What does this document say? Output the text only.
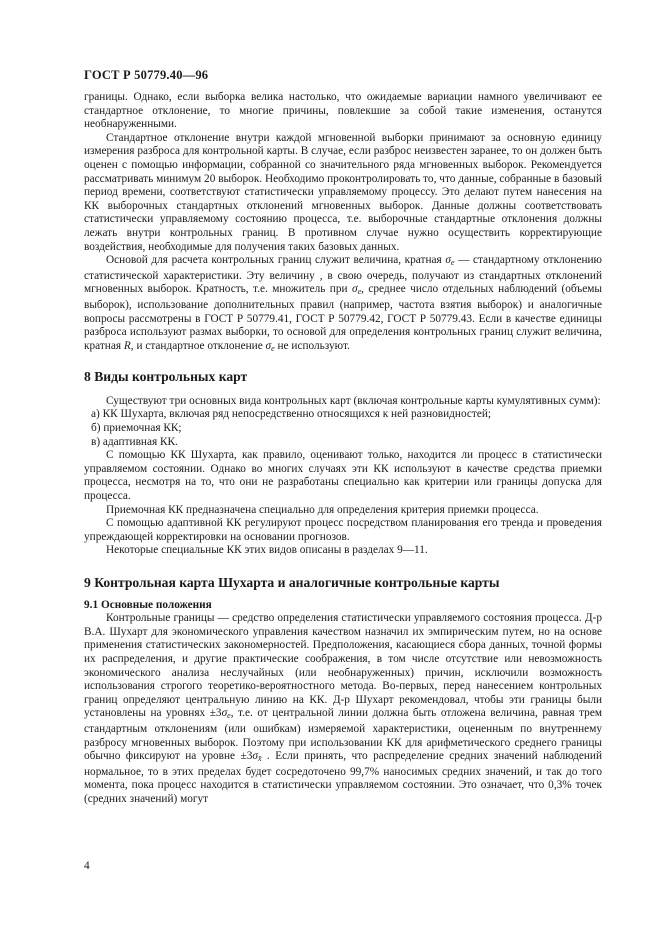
ГОСТ Р 50779.40—96

границы. Однако, если выборка велика настолько, что ожидаемые вариации намного увеличивают ее стандартное отклонение, то многие причины, повлекшие за собой такие изменения, останутся необнаруженными.

Стандартное отклонение внутри каждой мгновенной выборки принимают за основную единицу измерения разброса для контрольной карты. В случае, если разброс неизвестен заранее, то он должен быть оценен с помощью информации, собранной со значительного ряда мгновенных выборок. Рекомендуется рассматривать минимум 20 выборок. Необходимо проконтролировать то, что данные, собранные в базовый период времени, соответствуют статистически управляемому процессу. Это делают путем нанесения на КК выборочных стандартных отклонений мгновенных выборок. Данные должны соответствовать статистически управляемому состоянию процесса, т.е. выборочные стандартные отклонения должны лежать внутри контрольных границ. В противном случае нужно осуществить корректирующие воздействия, необходимые для получения таких базовых данных.

Основой для расчета контрольных границ служит величина, кратная $\sigma_e$ — стандартному отклонению статистической характеристики. Эту величину , в свою очередь, получают из стандартных отклонений мгновенных выборок. Кратность, т.е. множитель при $\sigma_e$, среднее число отдельных наблюдений (объемы выборок), использование дополнительных правил (например, частота взятия выборок) и аналогичные вопросы рассмотрены в ГОСТ Р 50779.41, ГОСТ Р 50779.42, ГОСТ Р 50779.43. Если в качестве единицы разброса используют размах выборки, то основой для определения контрольных границ служит величина, кратная R, и стандартное отклонение $\sigma_e$ не используют.

8 Виды контрольных карт

Существуют три основных вида контрольных карт (включая контрольные карты кумулятивных сумм):

а) КК Шухарта, включая ряд непосредственно относящихся к ней разновидностей;
б) приемочная КК;
в) адаптивная КК.

С помощью КК Шухарта, как правило, оценивают только, находится ли процесс в статистически управляемом состоянии. Однако во многих случаях эти КК используют в качестве средства приемки процесса, несмотря на то, что они не разработаны специально как критерии или границы допуска для процесса.

Приемочная КК предназначена специально для определения критерия приемки процесса.

С помощью адаптивной КК регулируют процесс посредством планирования его тренда и проведения упреждающей корректировки на основании прогнозов.

Некоторые специальные КК этих видов описаны в разделах 9—11.

9 Контрольная карта Шухарта и аналогичные контрольные карты
9.1 Основные положения

Контрольные границы — средство определения статистически управляемого состояния процесса. Д-р В.А. Шухарт для экономического управления качеством назначил их эмпирическим путем, но на основе применения статистических закономерностей. Предположения, касающиеся сбора данных, точной формы их распределения, и другие практические соображения, в том числе отсутствие или невозможность экономического анализа неслучайных (или необнаруженных) причин, исключили возможность использования строгого теоретико-вероятностного метода. Во-первых, перед нанесением контрольных границ определяют центральную линию на КК. Д-р Шухарт рекомендовал, чтобы эти границы были установлены на уровнях $\pm 3\sigma_e$, т.е. от центральной линии должна быть отложена величина, равная трем стандартным отклонениям (или ошибкам) измеряемой характеристики, оцененным по внутреннему разбросу мгновенных выборок. Поэтому при использовании КК для арифметического среднего границы обычно фиксируют на уровне $\pm 3\sigma_{x̄}$ . Если принять, что распределение средних значений наблюдений нормальное, то в этих пределах будет сосредоточено 99,7% наносимых средних значений, и так до того момента, пока процесс находится в статистически управляемом состоянии. Это означает, что 0,3% точек (средних значений) могут

4
